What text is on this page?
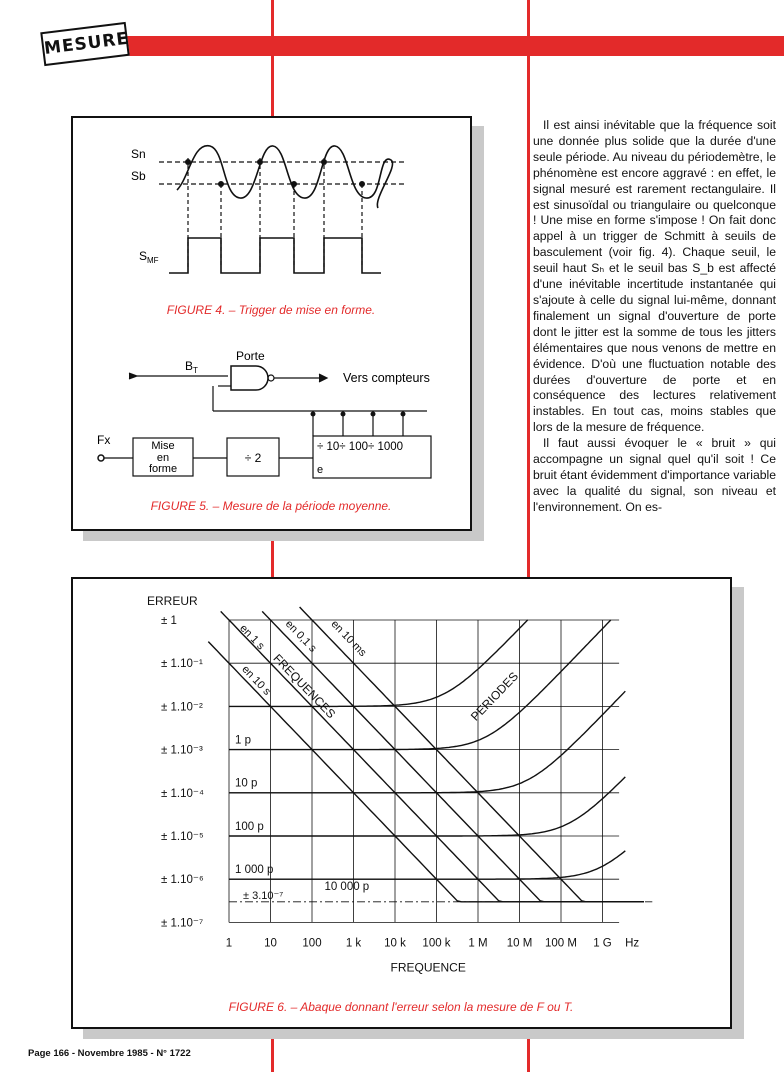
MESURE
Sn
Sb
$S_{MF}$
FIGURE 4. – Trigger de mise en forme.
$B_T$
Porte
Vers compteurs
Fx	Mise
en
forme
÷ 2
÷ 10÷ 100÷ 1000
e
FIGURE 5. – Mesure de la période moyenne.
ERREUR
± 1
± 1.10⁻¹
± 1.10⁻²
± 1.10⁻³
± 1.10⁻⁴
± 1.10⁻⁵
± 1.10⁻⁶
± 1.10⁻⁷
1	10 100 1 k 10 k 100 k 1 M 10 M 100 M 1 G Hz
FREQUENCE
± 3.10⁻⁷
1 p
10 p
100 p
1 000 p
10 000 p
en 1 s en 0,1 s en 10 ms
en 10 s
FREQUENCES	PERIODES
FIGURE 6. – Abaque donnant l'erreur selon la mesure de F ou T.

Il est ainsi inévitable que la fréquence soit une donnée plus solide que la durée d'une seule période. Au niveau du périodemètre, le phénomène est encore aggravé : en effet, le signal mesuré est rarement rectangulaire. Il est sinusoïdal ou triangulaire ou quelconque ! Une mise en forme s'impose ! On fait donc appel à un trigger de Schmitt à seuils de basculement (voir fig. 4). Chaque seuil, le seuil haut Sₕ et le seuil bas S_b est affecté d'une inévitable incertitude instantanée qui s'ajoute à celle du signal lui-même, donnant finalement un signal d'ouverture de porte dont le jitter est la somme de tous les jitters élémentaires que nous venons de mettre en évidence. D'où une fluctuation notable des durées d'ouverture de porte et en conséquence des lectures relativement instables. En tout cas, moins stables que lors de la mesure de fréquence.

Il faut aussi évoquer le « bruit » qui accompagne un signal quel qu'il soit ! Ce bruit étant évidemment d'importance variable avec la qualité du signal, son niveau et l'environnement. On es-

Page 166 - Novembre 1985 - N° 1722
